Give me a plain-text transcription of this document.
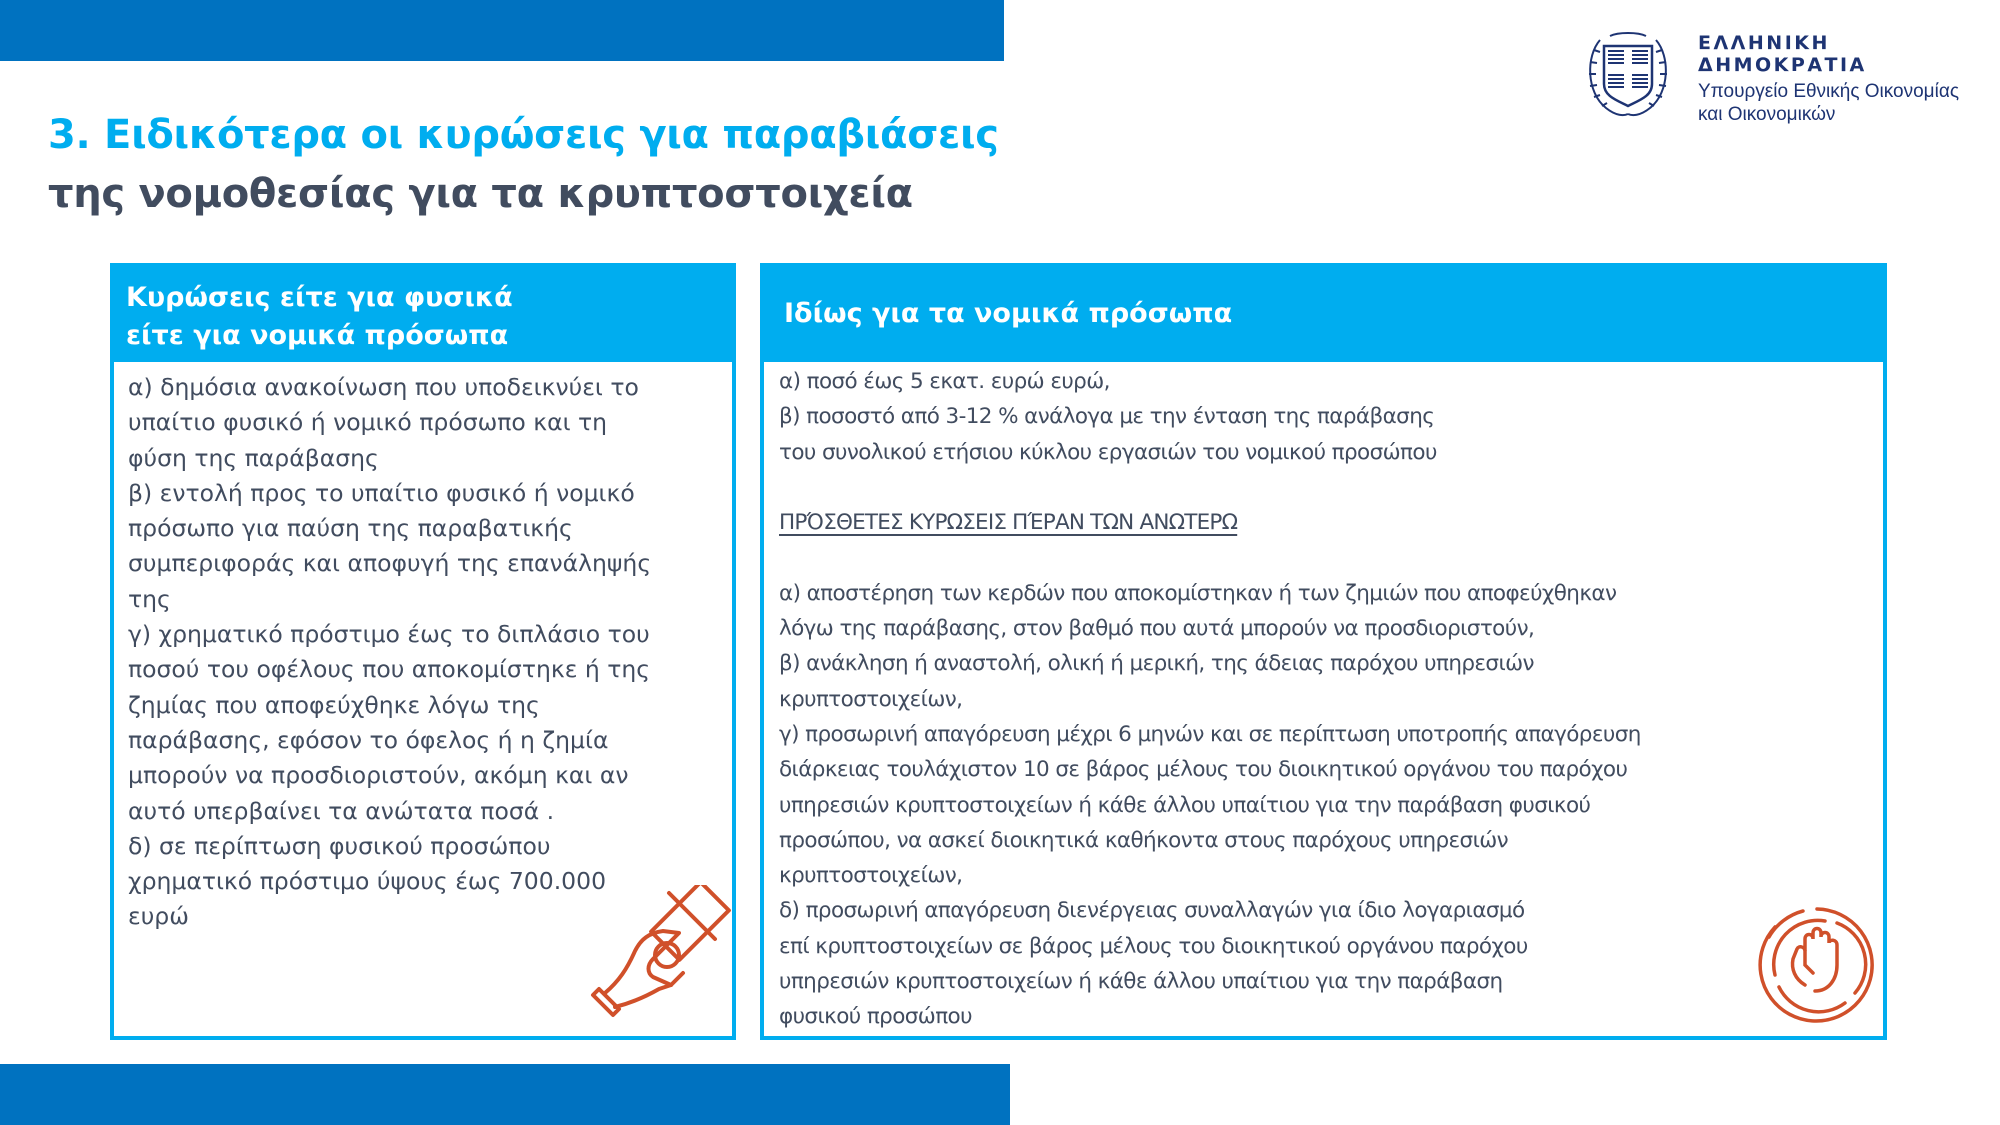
ΕΛΛΗΝΙΚΗ ΔΗΜΟΚΡΑΤΙΑ
Υπουργείο Εθνικής Οικονομίας
και Οικονομικών
3. Ειδικότερα οι κυρώσεις για παραβιάσεις
της νομοθεσίας για τα κρυπτοστοιχεία
Κυρώσεις είτε για φυσικά
είτε για νομικά πρόσωπα
α) δημόσια ανακοίνωση που υποδεικνύει το
υπαίτιο φυσικό ή νομικό πρόσωπο και τη
φύση της παράβασης
β) εντολή προς το υπαίτιο φυσικό ή νομικό
πρόσωπο για παύση της παραβατικής
συμπεριφοράς και αποφυγή της επανάληψής
της
γ) χρηματικό πρόστιμο έως το διπλάσιο του
ποσού του οφέλους που αποκομίστηκε ή της
ζημίας που αποφεύχθηκε λόγω της
παράβασης, εφόσον το όφελος ή η ζημία
μπορούν να προσδιοριστούν, ακόμη και αν
αυτό υπερβαίνει τα ανώτατα ποσά .
δ) σε περίπτωση φυσικού προσώπου
χρηματικό πρόστιμο ύψους έως 700.000
ευρώ
Ιδίως για τα νομικά πρόσωπα
α) ποσό έως 5 εκατ. ευρώ ευρώ,
β) ποσοστό από 3-12 % ανάλογα με την ένταση της παράβασης
του συνολικού ετήσιου κύκλου εργασιών του νομικού προσώπου
ΠΡΌΣΘΕΤΕΣ ΚΥΡΩΣΕΙΣ ΠΈΡΑΝ ΤΩΝ ΑΝΩΤΕΡΩ
α) αποστέρηση των κερδών που αποκομίστηκαν ή των ζημιών που αποφεύχθηκαν
λόγω της παράβασης, στον βαθμό που αυτά μπορούν να προσδιοριστούν,
β) ανάκληση ή αναστολή, ολική ή μερική, της άδειας παρόχου υπηρεσιών
κρυπτοστοιχείων,
γ) προσωρινή απαγόρευση μέχρι 6 μηνών και σε περίπτωση υποτροπής απαγόρευση
διάρκειας τουλάχιστον 10 σε βάρος μέλους του διοικητικού οργάνου του παρόχου
υπηρεσιών κρυπτοστοιχείων ή κάθε άλλου υπαίτιου για την παράβαση φυσικού
προσώπου, να ασκεί διοικητικά καθήκοντα στους παρόχους υπηρεσιών
κρυπτοστοιχείων,
δ) προσωρινή απαγόρευση διενέργειας συναλλαγών για ίδιο λογαριασμό
επί κρυπτοστοιχείων σε βάρος μέλους του διοικητικού οργάνου παρόχου
υπηρεσιών κρυπτοστοιχείων ή κάθε άλλου υπαίτιου για την παράβαση
φυσικού προσώπου
